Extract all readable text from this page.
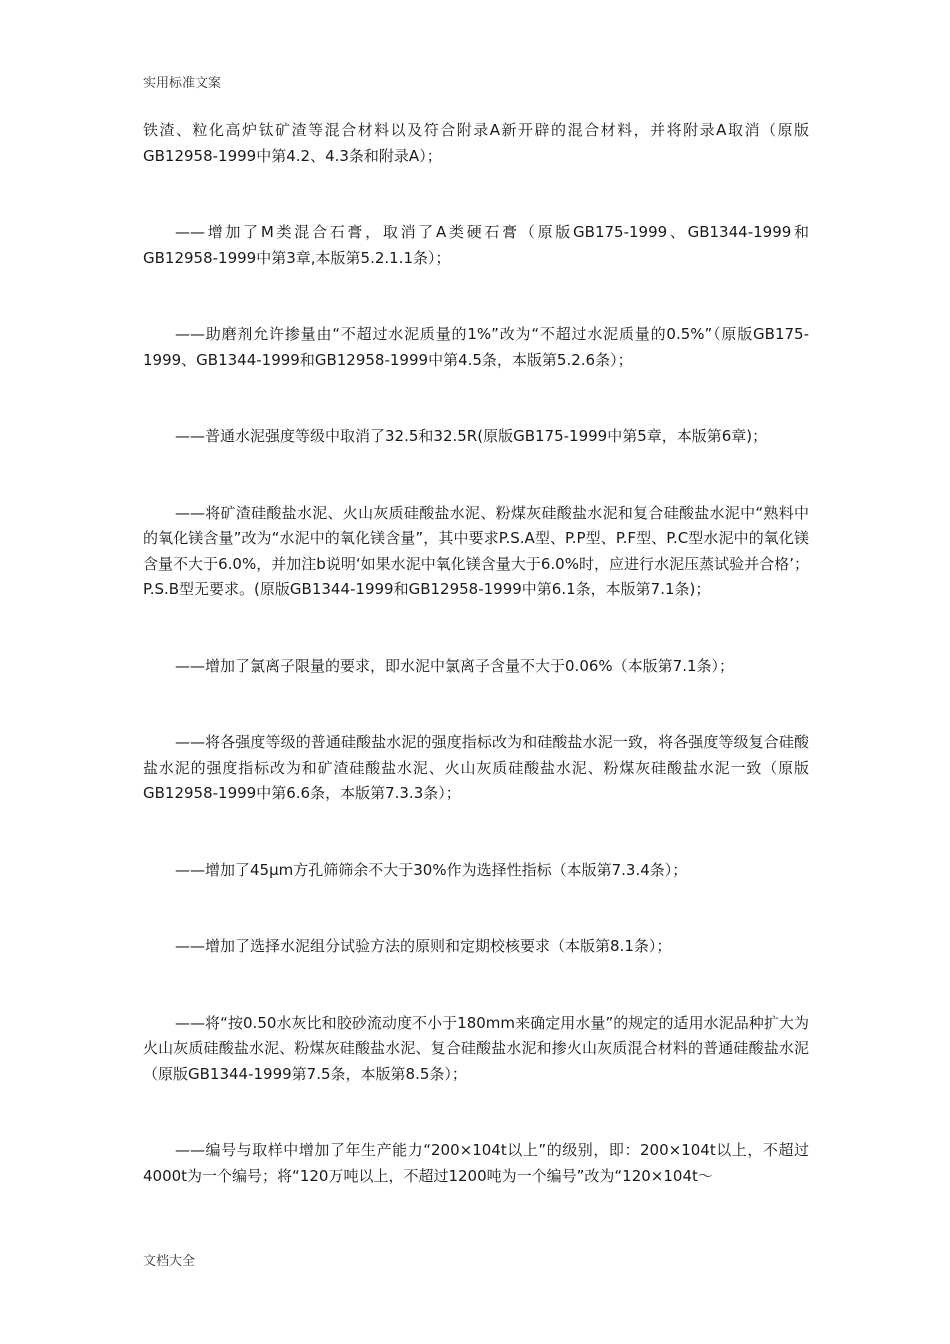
实用标准文案

铁渣、粒化高炉钛矿渣等混合材料以及符合附录A新开辟的混合材料，并将附录A取消（原版GB12958-1999中第4.2、4.3条和附录A）；

——增加了M类混合石膏，取消了A类硬石膏（原版GB175-1999、GB1344-1999和GB12958-1999中第3章,本版第5.2.1.1条）；

——助磨剂允许掺量由“不超过水泥质量的1%”改为“不超过水泥质量的0.5%”（原版GB175-1999、GB1344-1999和GB12958-1999中第4.5条，本版第5.2.6条）；

——普通水泥强度等级中取消了32.5和32.5R(原版GB175-1999中第5章，本版第6章)；

——将矿渣硅酸盐水泥、火山灰质硅酸盐水泥、粉煤灰硅酸盐水泥和复合硅酸盐水泥中“熟料中的氧化镁含量”改为“水泥中的氧化镁含量”，其中要求P.S.A型、P.P型、P.F型、P.C型水泥中的氧化镁含量不大于6.0%，并加注b说明‘如果水泥中氧化镁含量大于6.0%时，应进行水泥压蒸试验并合格’；P.S.B型无要求。(原版GB1344-1999和GB12958-1999中第6.1条，本版第7.1条)；

——增加了氯离子限量的要求，即水泥中氯离子含量不大于0.06%（本版第7.1条）；

——将各强度等级的普通硅酸盐水泥的强度指标改为和硅酸盐水泥一致，将各强度等级复合硅酸盐水泥的强度指标改为和矿渣硅酸盐水泥、火山灰质硅酸盐水泥、粉煤灰硅酸盐水泥一致（原版GB12958-1999中第6.6条，本版第7.3.3条）；

——增加了45μm方孔筛筛余不大于30%作为选择性指标（本版第7.3.4条）；

——增加了选择水泥组分试验方法的原则和定期校核要求（本版第8.1条）；

——将“按0.50水灰比和胶砂流动度不小于180mm来确定用水量”的规定的适用水泥品种扩大为火山灰质硅酸盐水泥、粉煤灰硅酸盐水泥、复合硅酸盐水泥和掺火山灰质混合材料的普通硅酸盐水泥（原版GB1344-1999第7.5条，本版第8.5条）；

——编号与取样中增加了年生产能力“200×104t以上”的级别，即：200×104t以上，不超过4000t为一个编号；将“120万吨以上，不超过1200吨为一个编号”改为“120×104t～

文档大全
